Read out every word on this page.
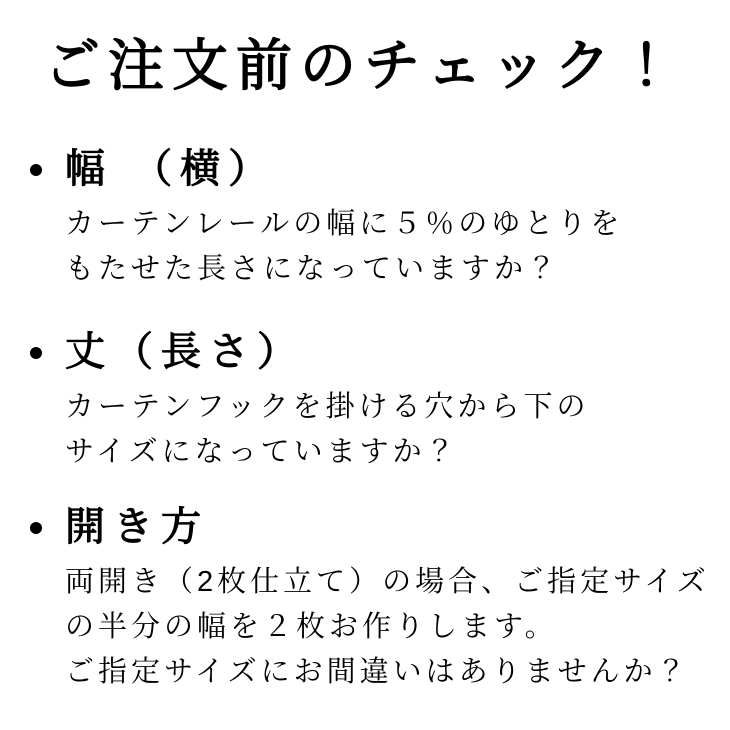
ご注文前のチェック！
幅 （横）
カーテンレールの幅に５％のゆとりを
もたせた長さになっていますか？
丈（長さ）
カーテンフックを掛ける穴から下の
サイズになっていますか？
開き方
両開き（2枚仕立て）の場合、ご指定サイズ
の半分の幅を２枚お作りします。
ご指定サイズにお間違いはありませんか？
